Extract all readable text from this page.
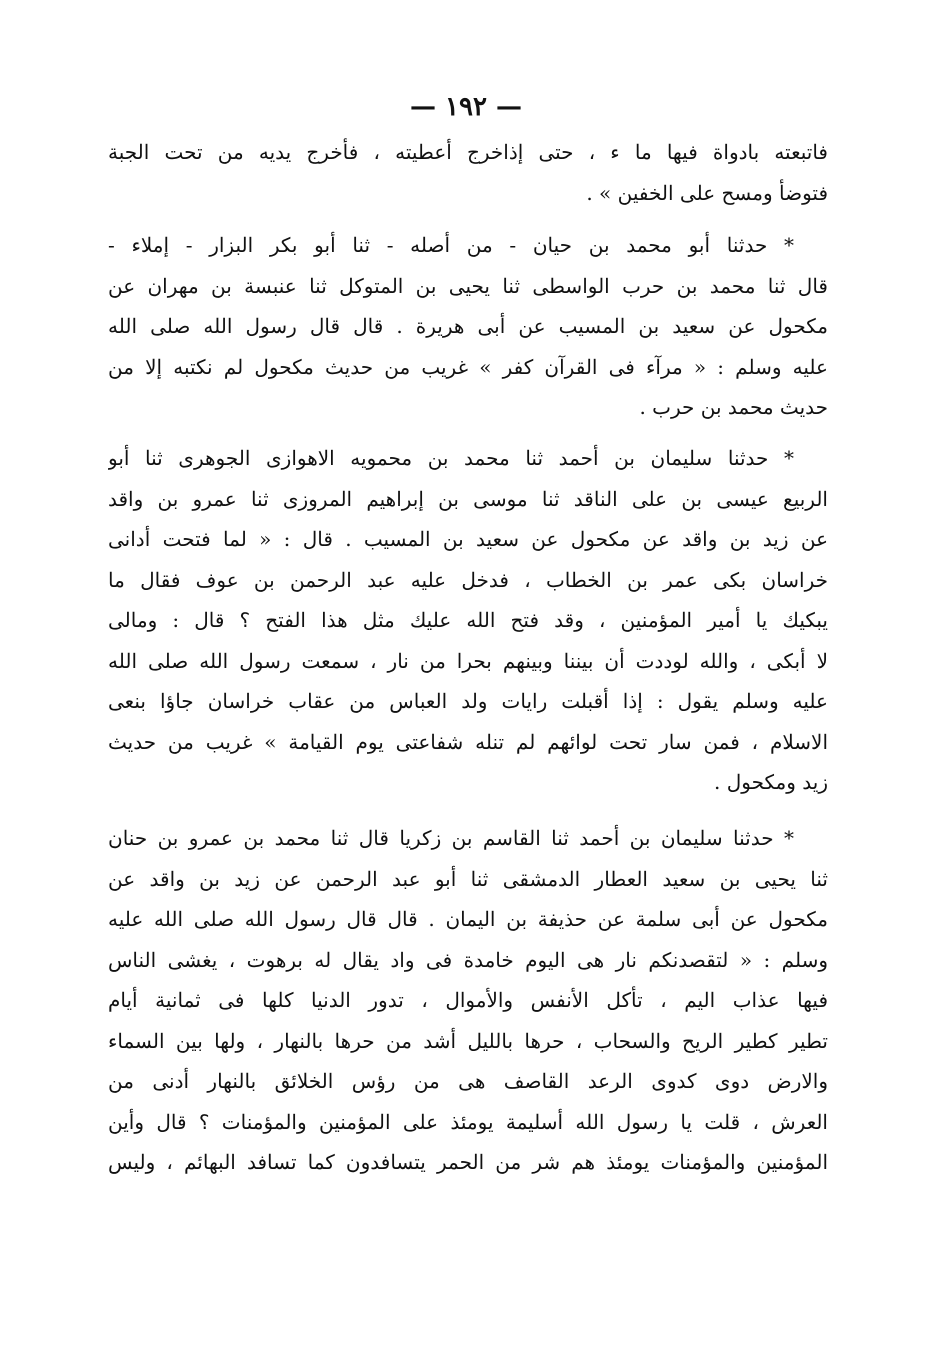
— ١٩٢ —
فاتبعته بادواة فيها ما ء ، حتى إذاخرج أعطيته ، فأخرج يديه من تحت الجبة
فتوضأ ومسح على الخفين » .
* حدثنا أبو محمد بن حيان - من أصله - ثنا أبو بكر البزار - إملاء -
قال ثنا محمد بن حرب الواسطى ثنا يحيى بن المتوكل ثنا عنبسة بن مهران عن
مكحول عن سعيد بن المسيب عن أبى هريرة . قال قال رسول الله صلى الله
عليه وسلم : « مرآء فى القرآن كفر » غريب من حديث مكحول لم نكتبه إلا من
حديث محمد بن حرب .
* حدثنا سليمان بن أحمد ثنا محمد بن محمويه الاهوازى الجوهرى ثنا أبو
الربيع عيسى بن على الناقد ثنا موسى بن إبراهيم المروزى ثنا عمرو بن واقد
عن زيد بن واقد عن مكحول عن سعيد بن المسيب . قال : « لما فتحت أدانى
خراسان بكى عمر بن الخطاب ، فدخل عليه عبد الرحمن بن عوف فقال ما
يبكيك يا أمير المؤمنين ، وقد فتح الله عليك مثل هذا الفتح ؟ قال : ومالى
لا أبكى ، والله لوددت أن بيننا وبينهم بحرا من نار ، سمعت رسول الله صلى الله
عليه وسلم يقول : إذا أقبلت رايات ولد العباس من عقاب خراسان جاؤا بنعى
الاسلام ، فمن سار تحت لوائهم لم تنله شفاعتى يوم القيامة » غريب من حديث
زيد ومكحول .
* حدثنا سليمان بن أحمد ثنا القاسم بن زكريا قال ثنا محمد بن عمرو بن حنان
ثنا يحيى بن سعيد العطار الدمشقى ثنا أبو عبد الرحمن عن زيد بن واقد عن
مكحول عن أبى سلمة عن حذيفة بن اليمان . قال قال رسول الله صلى الله عليه
وسلم : « لتقصدنكم نار هى اليوم خامدة فى واد يقال له برهوت ، يغشى الناس
فيها عذاب اليم ، تأكل الأنفس والأموال ، تدور الدنيا كلها فى ثمانية أيام
تطير كطير الريح والسحاب ، حرها بالليل أشد من حرها بالنهار ، ولها بين السماء
والارض دوى كدوى الرعد القاصف هى من رؤس الخلائق بالنهار أدنى من
العرش ، قلت يا رسول الله أسليمة يومئذ على المؤمنين والمؤمنات ؟ قال وأين
المؤمنين والمؤمنات يومئذ هم شر من الحمر يتسافدون كما تسافد البهائم ، وليس
